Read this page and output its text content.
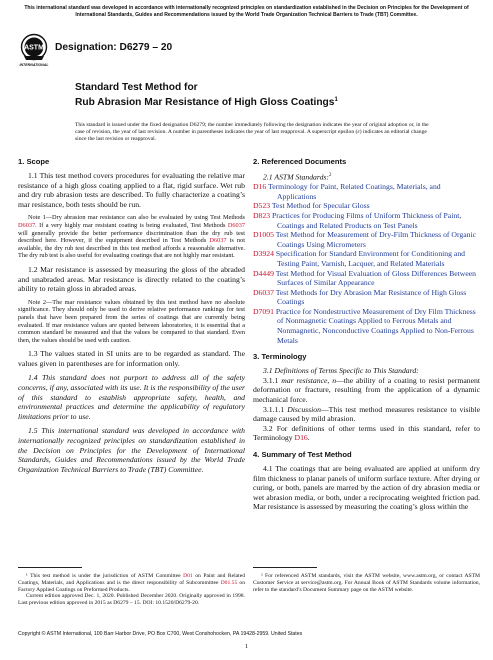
This international standard was developed in accordance with internationally recognized principles on standardization established in the Decision on Principles for the Development of International Standards, Guides and Recommendations issued by the World Trade Organization Technical Barriers to Trade (TBT) Committee.
ASTM
INTERNATIONAL
Designation: D6279 – 20
Standard Test Method for
Rub Abrasion Mar Resistance of High Gloss Coatings$^1$
This standard is issued under the fixed designation D6279; the number immediately following the designation indicates the year of original adoption or, in the case of revision, the year of last revision. A number in parentheses indicates the year of last reapproval. A superscript epsilon (ε) indicates an editorial change since the last revision or reapproval.
1. Scope

1.1 This test method covers procedures for evaluating the relative mar resistance of a high gloss coating applied to a flat, rigid surface. Wet rub and dry rub abrasion tests are described. To fully characterize a coating’s mar resistance, both tests should be run.

Note 1—Dry abrasion mar resistance can also be evaluated by using Test Methods D6037. If a very highly mar resistant coating is being evaluated, Test Methods D6037 will generally provide the better performance discrimination than the dry rub test described here. However, if the equipment described in Test Methods D6037 is not available, the dry rub test described in this test method affords a reasonable alternative. The dry rub test is also useful for evaluating coatings that are not highly mar resistant.

1.2 Mar resistance is assessed by measuring the gloss of the abraded and unabraded areas. Mar resistance is directly related to the coating’s ability to retain gloss in abraded areas.

Note 2—The mar resistance values obtained by this test method have no absolute significance. They should only be used to derive relative performance rankings for test panels that have been prepared from the series of coatings that are currently being evaluated. If mar resistance values are quoted between laboratories, it is essential that a common standard be measured and that the values be compared to that standard. Even then, the values should be used with caution.

1.3 The values stated in SI units are to be regarded as standard. The values given in parentheses are for information only.

1.4 This standard does not purport to address all of the safety concerns, if any, associated with its use. It is the responsibility of the user of this standard to establish appropriate safety, health, and environmental practices and determine the applicability of regulatory limitations prior to use.

1.5 This international standard was developed in accordance with internationally recognized principles on standardization established in the Decision on Principles for the Development of International Standards, Guides and Recommendations issued by the World Trade Organization Technical Barriers to Trade (TBT) Committee.

2. Referenced Documents

2.1 ASTM Standards:$^2$

D16 Terminology for Paint, Related Coatings, Materials, and Applications

D523 Test Method for Specular Gloss

D823 Practices for Producing Films of Uniform Thickness of Paint, Coatings and Related Products on Test Panels

D1005 Test Method for Measurement of Dry-Film Thickness of Organic Coatings Using Micrometers

D3924 Specification for Standard Environment for Conditioning and Testing Paint, Varnish, Lacquer, and Related Materials

D4449 Test Method for Visual Evaluation of Gloss Differences Between Surfaces of Similar Appearance

D6037 Test Methods for Dry Abrasion Mar Resistance of High Gloss Coatings

D7091 Practice for Nondestructive Measurement of Dry Film Thickness of Nonmagnetic Coatings Applied to Ferrous Metals and Nonmagnetic, Nonconductive Coatings Applied to Non-Ferrous Metals

3. Terminology

3.1 Definitions of Terms Specific to This Standard:

3.1.1 mar resistance, n—the ability of a coating to resist permanent deformation or fracture, resulting from the application of a dynamic mechanical force.

3.1.1.1 Discussion—This test method measures resistance to visible damage caused by mild abrasion.

3.2 For definitions of other terms used in this standard, refer to Terminology D16.

4. Summary of Test Method

4.1 The coatings that are being evaluated are applied at uniform dry film thickness to planar panels of uniform surface texture. After drying or curing, or both, panels are marred by the action of dry abrasion media or wet abrasion media, or both, under a reciprocating weighted friction pad. Mar resistance is assessed by measuring the coating’s gloss within the

¹ This test method is under the jurisdiction of ASTM Committee D01 on Paint and Related Coatings, Materials, and Applications and is the direct responsibility of Subcommittee D01.55 on Factory Applied Coatings on Preformed Products.

Current edition approved Dec. 1, 2020. Published December 2020. Originally approved in 1998. Last previous edition approved in 2015 as D6279 – 15. DOI: 10.1520/D6279-20.

² For referenced ASTM standards, visit the ASTM website, www.astm.org, or contact ASTM Customer Service at service@astm.org. For Annual Book of ASTM Standards volume information, refer to the standard’s Document Summary page on the ASTM website.

Copyright © ASTM International, 100 Barr Harbor Drive, PO Box C700, West Conshohocken, PA 19428-2959. United States
1
